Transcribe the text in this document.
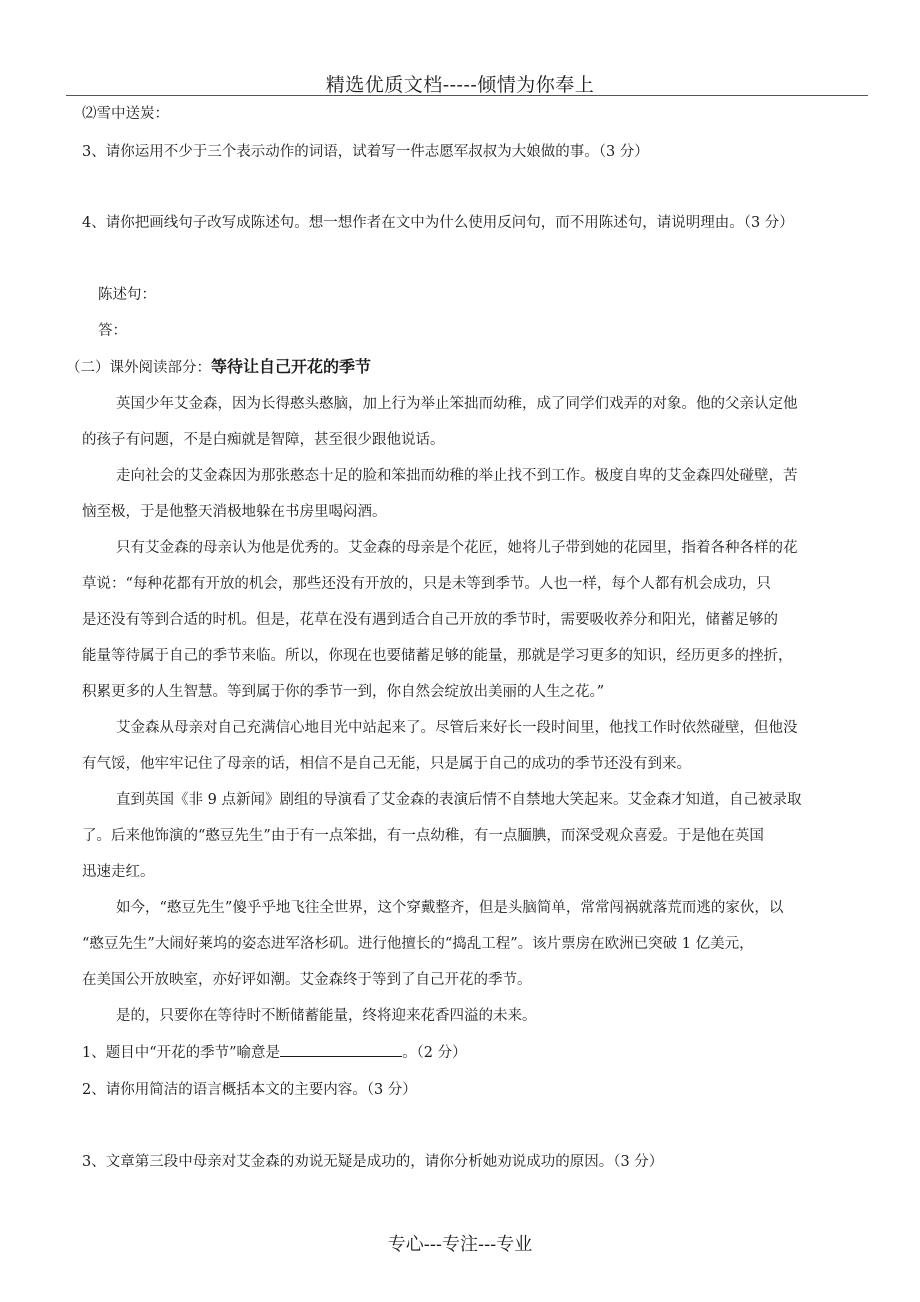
精选优质文档-----倾情为你奉上
⑵雪中送炭：
3、请你运用不少于三个表示动作的词语，试着写一件志愿军叔叔为大娘做的事。（3 分）
4、请你把画线句子改写成陈述句。想一想作者在文中为什么使用反问句，而不用陈述句，请说明理由。（3 分）
陈述句：
答：
（二）课外阅读部分：等待让自己开花的季节
英国少年艾金森，因为长得憨头憨脑，加上行为举止笨拙而幼稚，成了同学们戏弄的对象。他的父亲认定他
的孩子有问题，不是白痴就是智障，甚至很少跟他说话。
走向社会的艾金森因为那张憨态十足的脸和笨拙而幼稚的举止找不到工作。极度自卑的艾金森四处碰壁，苦
恼至极，于是他整天消极地躲在书房里喝闷酒。
只有艾金森的母亲认为他是优秀的。艾金森的母亲是个花匠，她将儿子带到她的花园里，指着各种各样的花
草说：“每种花都有开放的机会，那些还没有开放的，只是未等到季节。人也一样，每个人都有机会成功，只
是还没有等到合适的时机。但是，花草在没有遇到适合自己开放的季节时，需要吸收养分和阳光，储蓄足够的
能量等待属于自己的季节来临。所以，你现在也要储蓄足够的能量，那就是学习更多的知识，经历更多的挫折，
积累更多的人生智慧。等到属于你的季节一到，你自然会绽放出美丽的人生之花。”
艾金森从母亲对自己充满信心地目光中站起来了。尽管后来好长一段时间里，他找工作时依然碰壁，但他没
有气馁，他牢牢记住了母亲的话，相信不是自己无能，只是属于自己的成功的季节还没有到来。
直到英国《非 9 点新闻》剧组的导演看了艾金森的表演后情不自禁地大笑起来。艾金森才知道，自己被录取
了。后来他饰演的“憨豆先生”由于有一点笨拙，有一点幼稚，有一点腼腆，而深受观众喜爱。于是他在英国
迅速走红。
如今，“憨豆先生”傻乎乎地飞往全世界，这个穿戴整齐，但是头脑简单，常常闯祸就落荒而逃的家伙，以
“憨豆先生”大闹好莱坞的姿态进军洛杉矶。进行他擅长的“捣乱工程”。该片票房在欧洲已突破 1 亿美元，
在美国公开放映室，亦好评如潮。艾金森终于等到了自己开花的季节。
是的，只要你在等待时不断储蓄能量，终将迎来花香四溢的未来。
1、题目中“开花的季节”喻意是	。（2 分）
2、请你用简洁的语言概括本文的主要内容。（3 分）
3、文章第三段中母亲对艾金森的劝说无疑是成功的，请你分析她劝说成功的原因。（3 分）
专心---专注---专业
